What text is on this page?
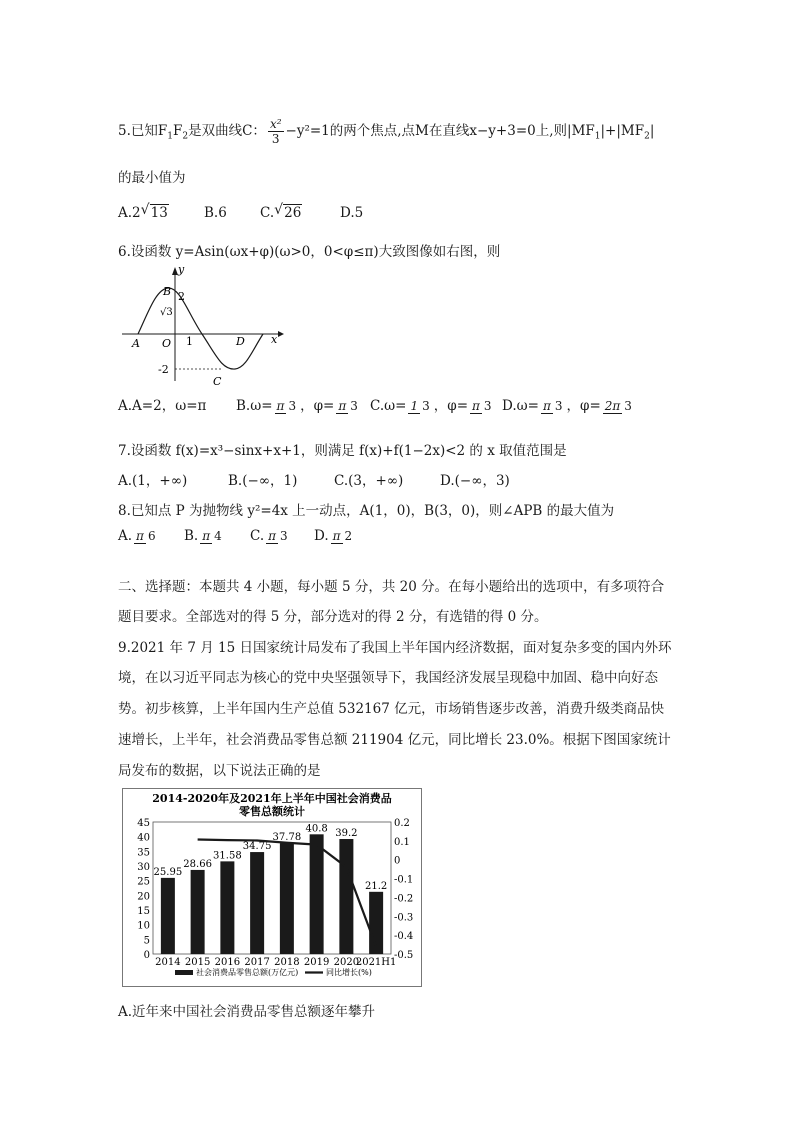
5.已知$F_1F_2$是双曲线C： $\frac{\text{x²}}{3} -y^2=1$的两个焦点,点M在直线x−y+3=0上,则$|MF_1|+|MF_2|$
的最小值为
A.2 √ 13	B.6 C. √ 26	D.5
6.设函数 y=Asin(ωx+φ)(ω>0，0<φ≤π)大致图像如右图，则
y
x
B 2
√3
A O 1	D
-2
C
A.A=2，ω=π B.ω= π 3 ，φ= π 3 C.ω= 1 3 ，φ= π 3 D.ω= π 3 ，φ= 2π 3
7.设函数 f(x)=x³−sinx+x+1，则满足 f(x)+f(1−2x)<2 的 x 取值范围是
A.(1，+∞)	B.(−∞，1)	C.(3，+∞)	D.(−∞，3)
8.已知点 P 为抛物线 y²=4x 上一动点，A(1，0)，B(3，0)，则∠APB 的最大值为
A. π 6 B. π 4 C. π 3 D. π 2
二、选择题：本题共 4 小题，每小题 5 分，共 20 分。在每小题给出的选项中，有多项符合
题目要求。全部选对的得 5 分，部分选对的得 2 分，有选错的得 0 分。
9.2021 年 7 月 15 日国家统计局发布了我国上半年国内经济数据，面对复杂多变的国内外环
境，在以习近平同志为核心的党中央坚强领导下，我国经济发展呈现稳中加固、稳中向好态
势。初步核算，上半年国内生产总值 532167 亿元，市场销售逐步改善，消费升级类商品快
速增长，上半年，社会消费品零售总额 211904 亿元，同比增长 23.0%。根据下图国家统计
局发布的数据，以下说法正确的是
2014-2020年及2021年上半年中国社会消费品
零售总额统计
0
5
10
15
20
25
30
35
40
45
-0.5
-0.4
-0.3
-0.2
-0.1
0
0.1
0.2
25.95
2014
28.66
2015
31.58
2016
34.75
2017
37.78
2018
40.8
2019
39.2
2020
21.2
2021H1
社会消费品零售总额(万亿元)	同比增长(%)
A.近年来中国社会消费品零售总额逐年攀升
